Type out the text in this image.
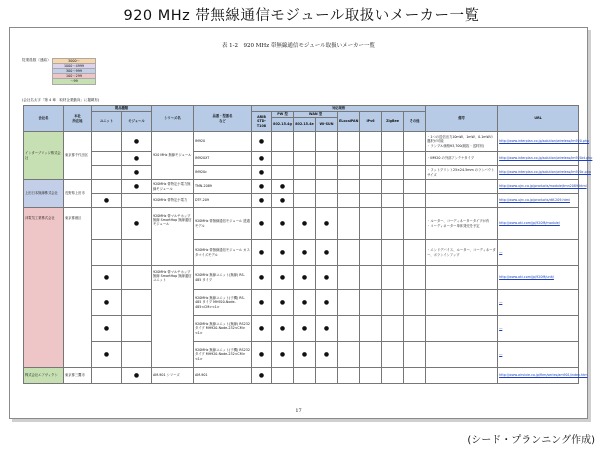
920 MHz 帯無線通信モジュール取扱いメーカー一覧
表 1-2　920 MHz 帯無線通信モジュール取扱いメーカー一覧
従業員数（連結）	3000～
1000～4999
300～999
100～299
～99
(会社名太字「第 4 章　取材企業動向」に掲載有)
会社名	本社
所在地	製品種類		シリーズ名	品番・型番名
など	対応規格								備考	URL
		ユニット	モジュール			ARIB
STD-
T108	PW 型	WAN 型		ELocalPAN	IPv6	ZigBee	その他		
							802.15.4g	802.15.4e	Wi-SUN						
インターブリッジ株式会社	東京都千代田区		●	920 MHz 無線モジュール	IM920	●								・1つの送信出力10mW、1mW、0.1mWの選択が可能
・ランプル価格¥3,700(税抜・送料別)	http://www.interplan.co.jp/solution/wireless/im920.php
			●		IM920XT	●								・IM920 の外部アンテナタイプ	http://www.interplan.co.jp/solution/wireless/im920xt.php
			●		IM920c	●								・フットプリント25×24.5mm のランバウトサイズ	http://www.interplan.co.jp/solution/wireless/im920c.php
上田日本無線株式会社	長野県上田市		●	920MHz 帯特定小電力無線モジュール	TMN-2089	●	●								http://www.ujrc.co.jp/products/module/tmn2089.html
		●		920MHz 帯特定小電力	DTF-209	●	●								http://www.ujrc.co.jp/products/dtf-209.html
沖電気工業株式会社	東京都港区		●	920MHz 帯マルチホップ無線 SmartHop 無線通信モジュール	920MHz 帯無線通信モジュール 透過モデル	●	●	●	●					・ルーター、コーディネータータイプが有
・コーディネーター単体発売を予定	http://www.oki.com/jp/920M/module/
					920MHz 帯無線通信モジュール カスタマイズモデル	●	●	●	●					・エンドデバイス、ルーター、コーディネーター、ボランインアップ	―
		●		920MHz 帯マルチホップ無線 SmartHop 無線通信ユニット	920MHz 無線ユニット(無線) RS-485 タイプ	●	●	●	●						http://www.oki.com/jp/920M/unit/
		●			920MHz 無線ユニット(子機) RS-485 タイプ MH920-Node-485<CM><1>	●	●	●	●						―
		●			920MHz 無線ユニット(無線) RS232 タイプ MH920-Node-232<CM><1>	●	●	●	●						―
		●			920MHz 無線ユニット(子機) RS232 タイプ MH920-Node-232<CM><1>	●	●	●	●						―
株式会社エアヴィクシ	東京都三鷹市		●	AM-901 シリーズ	AM-901	●									http://www.airvixie.co.jp/fkm/series/am901/index.htm
17
(シード・プランニング作成)
